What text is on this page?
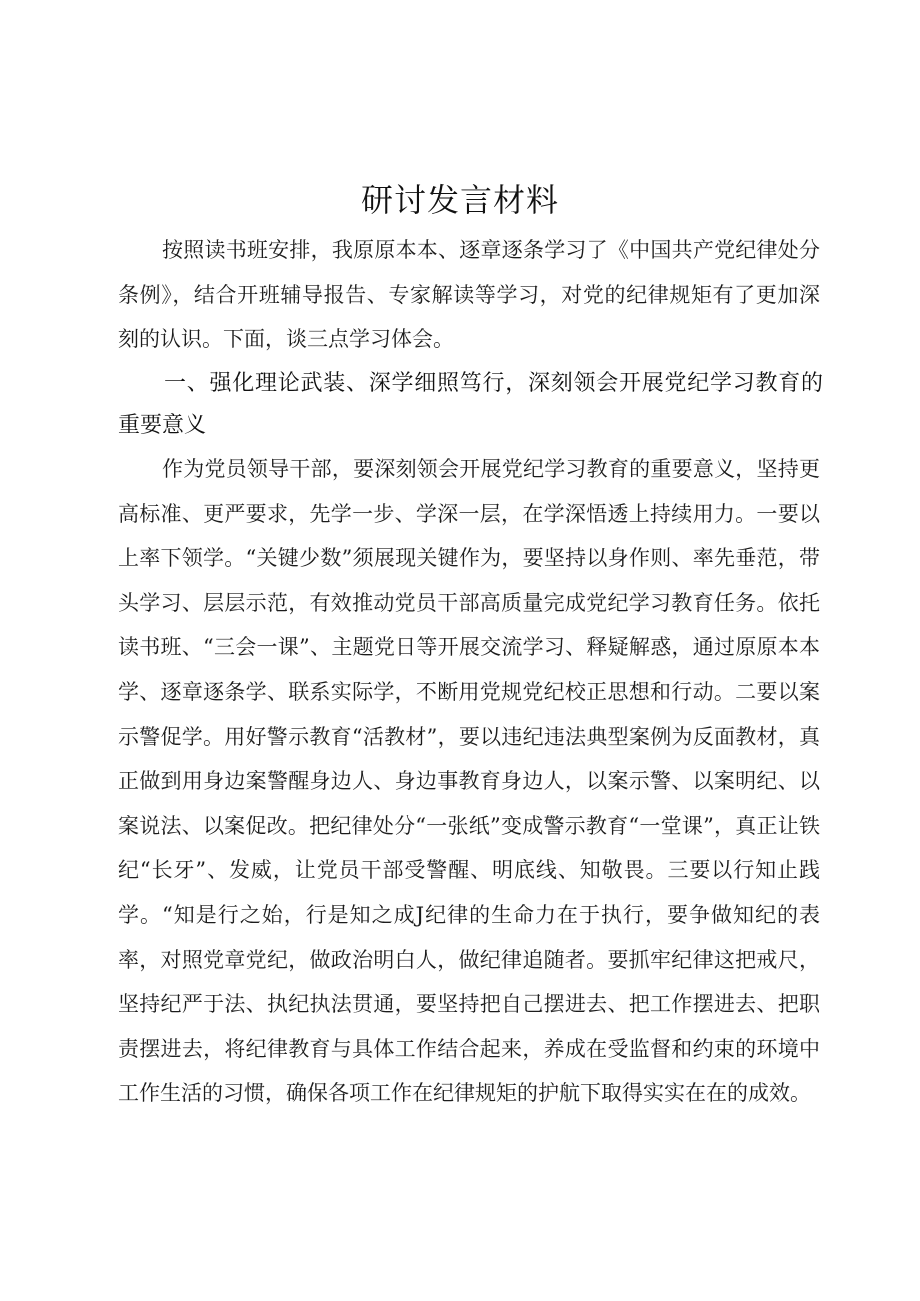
研讨发言材料

按照读书班安排，我原原本本、逐章逐条学习了《中国共产党纪律处分条例》，结合开班辅导报告、专家解读等学习，对党的纪律规矩有了更加深刻的认识。下面，谈三点学习体会。

一、强化理论武装、深学细照笃行，深刻领会开展党纪学习教育的重要意义

作为党员领导干部，要深刻领会开展党纪学习教育的重要意义，坚持更高标准、更严要求，先学一步、学深一层，在学深悟透上持续用力。一要以上率下领学。“关键少数”须展现关键作为，要坚持以身作则、率先垂范，带头学习、层层示范，有效推动党员干部高质量完成党纪学习教育任务。依托读书班、“三会一课”、主题党日等开展交流学习、释疑解惑，通过原原本本学、逐章逐条学、联系实际学，不断用党规党纪校正思想和行动。二要以案示警促学。用好警示教育“活教材”，要以违纪违法典型案例为反面教材，真正做到用身边案警醒身边人、身边事教育身边人，以案示警、以案明纪、以案说法、以案促改。把纪律处分“一张纸”变成警示教育“一堂课”，真正让铁纪“长牙”、发威，让党员干部受警醒、明底线、知敬畏。三要以行知止践学。“知是行之始，行是知之成J纪律的生命力在于执行，要争做知纪的表率，对照党章党纪，做政治明白人，做纪律追随者。要抓牢纪律这把戒尺，坚持纪严于法、执纪执法贯通，要坚持把自己摆进去、把工作摆进去、把职责摆进去，将纪律教育与具体工作结合起来，养成在受监督和约束的环境中工作生活的习惯，确保各项工作在纪律规矩的护航下取得实实在在的成效。
